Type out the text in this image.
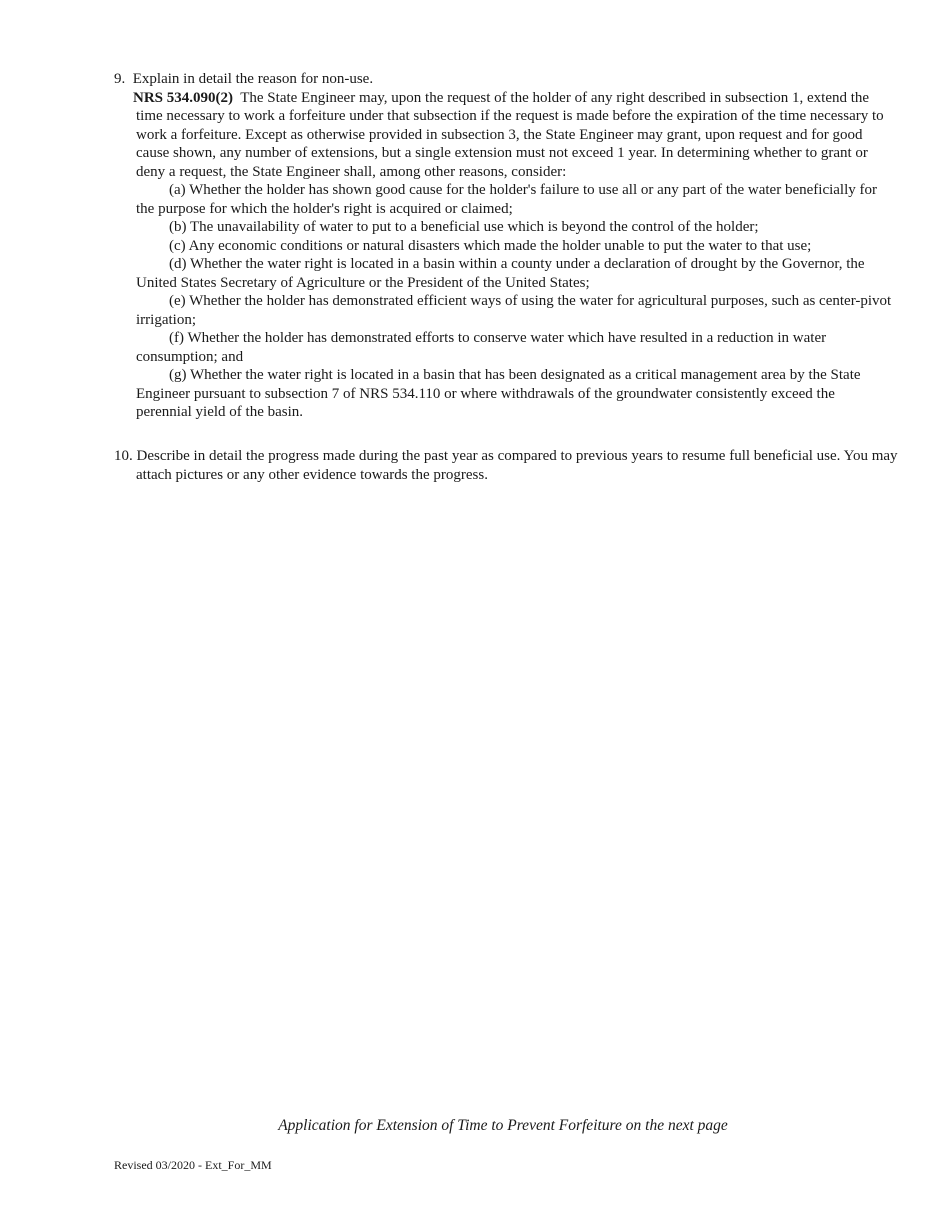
9. Explain in detail the reason for non-use.

NRS 534.090(2) The State Engineer may, upon the request of the holder of any right described in subsection 1, extend the time necessary to work a forfeiture under that subsection if the request is made before the expiration of the time necessary to work a forfeiture. Except as otherwise provided in subsection 3, the State Engineer may grant, upon request and for good cause shown, any number of extensions, but a single extension must not exceed 1 year. In determining whether to grant or deny a request, the State Engineer shall, among other reasons, consider:

(a) Whether the holder has shown good cause for the holder's failure to use all or any part of the water beneficially for the purpose for which the holder's right is acquired or claimed;

(b) The unavailability of water to put to a beneficial use which is beyond the control of the holder;

(c) Any economic conditions or natural disasters which made the holder unable to put the water to that use;

(d) Whether the water right is located in a basin within a county under a declaration of drought by the Governor, the United States Secretary of Agriculture or the President of the United States;

(e) Whether the holder has demonstrated efficient ways of using the water for agricultural purposes, such as center-pivot irrigation;

(f) Whether the holder has demonstrated efforts to conserve water which have resulted in a reduction in water consumption; and

(g) Whether the water right is located in a basin that has been designated as a critical management area by the State Engineer pursuant to subsection 7 of NRS 534.110 or where withdrawals of the groundwater consistently exceed the perennial yield of the basin.

10. Describe in detail the progress made during the past year as compared to previous years to resume full beneficial use. You may attach pictures or any other evidence towards the progress.

Application for Extension of Time to Prevent Forfeiture on the next page
Revised 03/2020 - Ext_For_MM
